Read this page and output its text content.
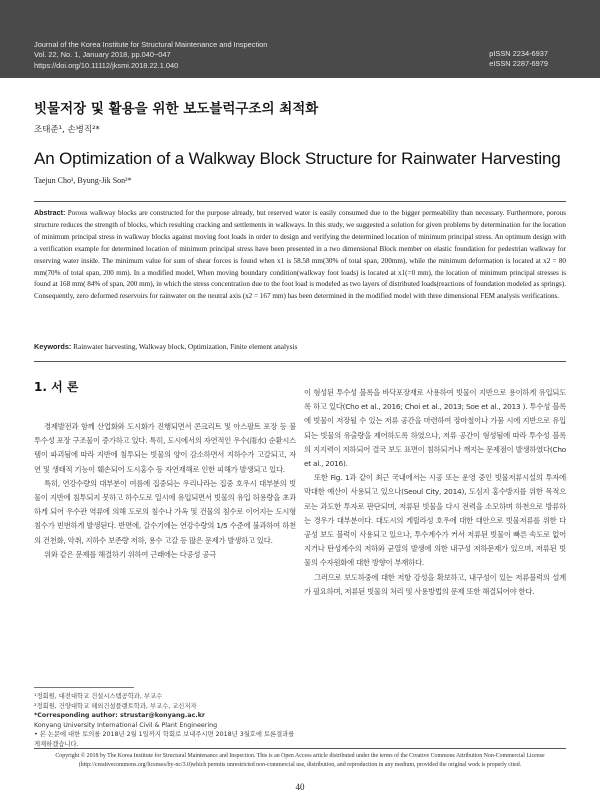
Journal of the Korea Institute for Structural Maintenance and Inspection
Vol. 22, No. 1, January 2018, pp.040~047
https://doi.org/10.11112/jksmi.2018.22.1.040
pISSN 2234-6937
eISSN 2287-6979
빗물저장 및 활용을 위한 보도블럭구조의 최적화
조태준¹, 손병직²*
An Optimization of a Walkway Block Structure for Rainwater Harvesting
Taejun Cho¹, Byung-Jik Son²*
Abstract: Porous walkway blocks are constructed for the purpose already, but reserved water is easily consumed due to the bigger permeability than necessary. Furthermore, porous structure reduces the strength of blocks, which resulting cracking and settlements in walkways. In this study, we suggested a solution for given problems by determination for the location of minimum principal stress in walkway blocks against moving foot loads in order to design and verifying the determined location of minimum principal stress. An optimum design with a verification example for determined location of minimum principal stress have been presented in a two dimensional Block member on elastic foundation for pedestrian walkway for reserving water inside. The minimum value for sum of shear forces is found when x1 is 58.58 mm(30% of total span, 200mm), while the minimum deformation is located at x2 = 80 mm(70% of total span, 200 mm). In a modified model, When moving boundary condition(walkway foot loads) is located at x1(=0 mm), the location of minimum principal stresses is found at 168 mm( 84% of span, 200 mm), in which the stress concentration due to the foot load is modeled as two layers of distributed loads(reactions of foundation modeled as springs). Consequently, zero deformed reservoirs for rainwater on the neutral axis (x2 = 167 mm) has been determined in the modified model with three dimensional FEM analysis verifications.
Keywords: Rainwater harvesting, Walkway block, Optimization, Finite element analysis
1. 서 론

경제발전과 함께 산업화와 도시화가 진행되면서 콘크리트 및 아스팔트 포장 등 불투수성 포장 구조물이 증가하고 있다. 특히, 도시에서의 자연적인 우수(雨水) 순환시스템이 파괴됨에 따라 지반에 침투되는 빗물의 양이 감소하면서 지하수가 고갈되고, 자연 및 생태적 기능이 훼손되어 도시홍수 등 자연재해로 인한 피해가 발생되고 있다.

특히, 연강수량의 대부분이 여름에 집중되는 우리나라는 집중 호우시 대부분의 빗물이 지반에 침투되지 못하고 하수도로 일시에 유입되면서 빗물의 유입 허용량을 초과하게 되어 우수관 역류에 의해 도로의 침수나 가옥 및 건물의 침수로 이어지는 도시형 침수가 빈번하게 발생된다. 반면에, 갈수기에는 연강수량의 1/5 수준에 불과하여 하천의 건천화, 악취, 지하수 보존량 저하, 용수 고갈 등 많은 문제가 발생하고 있다.

위와 같은 문제를 해결하기 위하여 근래에는 다공성 공극

¹정회원, 대전대학교 건설시스템공학과, 부교수
²정회원, 건양대학교 해외건설플랜트학과, 부교수, 교신저자
*Corresponding author: strustar@konyang.ac.kr
Konyang University International Civil & Plant Engineering
• 본 논문에 대한 토의를 2018년 2월 1일까지 학회로 보내주시면 2018년 3월호에 토론결과를 게재하겠습니다.

이 형성된 투수성 블록을 바닥포장재로 사용하여 빗물이 지반으로 용이하게 유입되도록 하고 있다(Cho et al., 2016; Choi et al., 2013; Soe et al., 2013 ). 투수성 블록에 빗물이 저장될 수 있는 저류 공간을 마련하여 장마철이나 가뭄 시에 지반으로 유입되는 빗물의 유출량을 제어하도록 하였으나, 저류 공간이 형성됨에 따라 투수성 블록의 지지력이 저하되어 결국 보도 표면이 침하되거나 깨지는 문제점이 발생하였다(Cho et al., 2016).

또한 Fig. 1과 같이 최근 국내에서는 시공 또는 운영 중인 빗물저류시설의 투자에 막대한 예산이 사용되고 있으나(Seoul City, 2014), 도심지 홍수방지를 위한 목적으로는 과도한 투자로 판단되며, 저류된 빗물을 다시 전력을 소모하며 하천으로 방류하는 경우가 대부분이다. 대도시의 게릴라성 호우에 대한 대안으로 빗물저류를 위한 다공성 보도 블럭이 사용되고 있으나, 투수계수가 커서 저류된 빗물이 빠른 속도로 없어지거나 탄성계수의 저하와 균열의 발생에 의한 내구성 저하문제가 있으며, 저류된 빗물의 수자원화에 대한 방향이 부재하다.

그러므로 보도하중에 대한 저항 강성을 확보하고, 내구성이 있는 저류블럭의 설계가 필요하며, 저류된 빗물의 처리 및 사용방법의 문제 또한 해결되어야 한다.

Copyright © 2018 by The Korea Institute for Structural Maintenance and Inspection. This is an Open Access article distributed under the terms of the Creative Commons Attribution Non-Commercial License (http://creativecommons.org/licenses/by-nc/3.0)which permits unrestricted non-commercial use, distribution, and reproduction in any medium, provided the original work is properly cited.
40
